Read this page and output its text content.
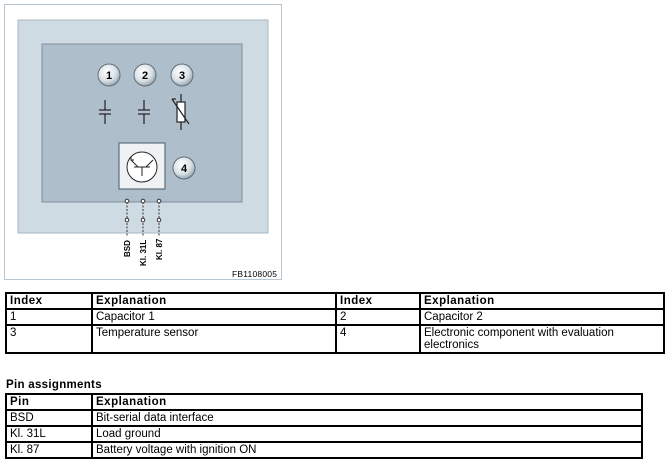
1	2	3
4
BSD Kl. 31L Kl. 87
FB1108005
Index	Explanation	Index	Explanation
1	Capacitor 1	2	Capacitor 2
3	Temperature sensor	4	Electronic component with evaluation electronics
Pin assignments
Pin	Explanation
BSD	Bit-serial data interface
Kl. 31L	Load ground
Kl. 87	Battery voltage with ignition ON
